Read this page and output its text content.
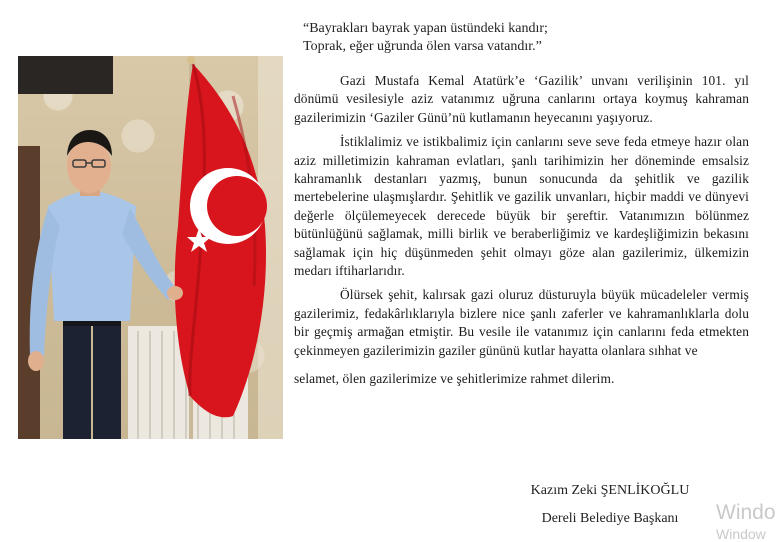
“Bayrakları bayrak yapan üstündeki kandır;
Toprak, eğer uğrunda ölen varsa vatandır.”

Gazi Mustafa Kemal Atatürk’e ‘Gazilik’ unvanı verilişinin 101. yıl dönümü vesilesiyle aziz vatanımız uğruna canlarını ortaya koymuş kahraman gazilerimizin ‘Gaziler Günü’nü kutlamanın heyecanını yaşıyoruz.

İstiklalimiz ve istikbalimiz için canlarını seve seve feda etmeye hazır olan aziz milletimizin kahraman evlatları, şanlı tarihimizin her döneminde emsalsiz kahramanlık destanları yazmış, bunun sonucunda da şehitlik ve gazilik mertebelerine ulaşmışlardır. Şehitlik ve gazilik unvanları, hiçbir maddi ve dünyevi değerle ölçülemeyecek derecede büyük bir şereftir. Vatanımızın bölünmez bütünlüğünü sağlamak, milli birlik ve beraberliğimiz ve kardeşliğimizin bekasını sağlamak için hiç düşünmeden şehit olmayı göze alan gazilerimiz, ülkemizin medarı iftiharlarıdır.

Ölürsek şehit, kalırsak gazi oluruz düsturuyla büyük mücadeleler vermiş gazilerimiz, fedakârlıklarıyla bizlere nice şanlı zaferler ve kahramanlıklarla dolu bir geçmiş armağan etmiştir. Bu vesile ile vatanımız için canlarını feda etmekten çekinmeyen gazilerimizin gaziler gününü kutlar hayatta olanlara sıhhat ve

selamet, ölen gazilerimize ve şehitlerimize rahmet dilerim.

Kazım Zeki ŞENLİKOĞLU
Dereli Belediye Başkanı	Windo
Window
